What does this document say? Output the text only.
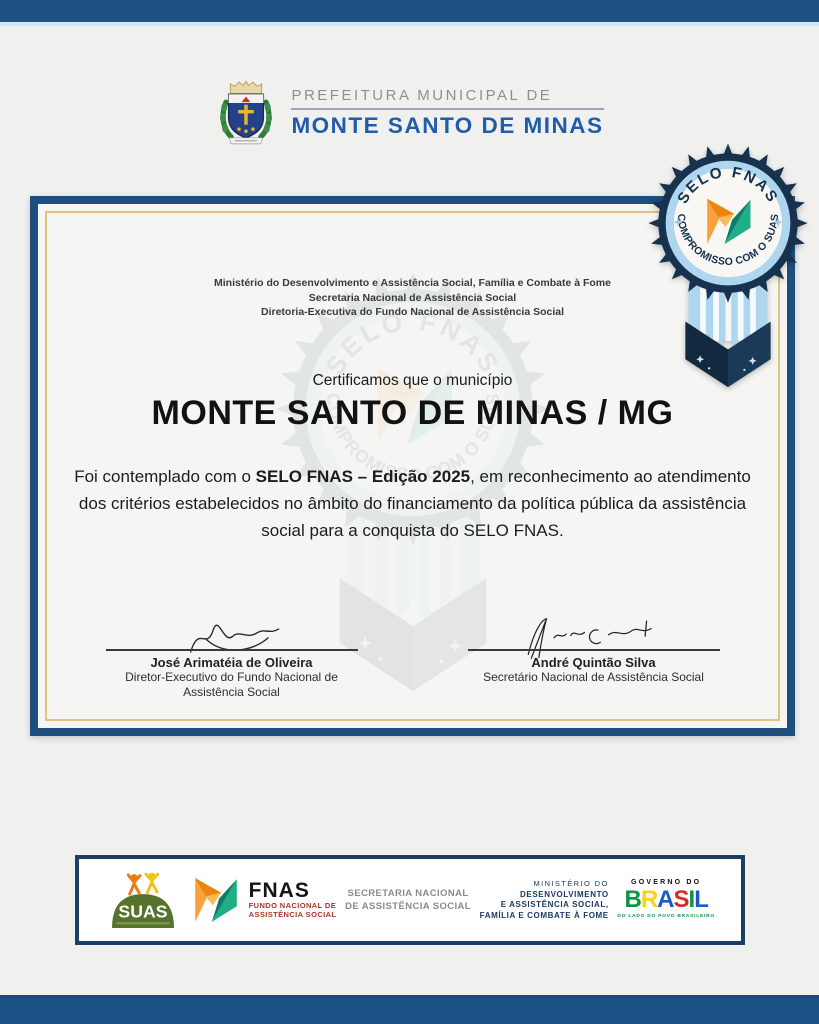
PREFEITURA MUNICIPAL DE
MONTE SANTO DE MINAS
Ministério do Desenvolvimento e Assistência Social, Família e Combate à Fome
Secretaria Nacional de Assistência Social
Diretoria-Executiva do Fundo Nacional de Assistência Social
Certificamos que o município
MONTE SANTO DE MINAS / MG
Foi contemplado com o SELO FNAS – Edição 2025, em reconhecimento ao atendimento dos critérios estabelecidos no âmbito do financiamento da política pública da assistência social para a conquista do SELO FNAS.
José Arimatéia de Oliveira
Diretor-Executivo do Fundo Nacional de Assistência Social
André Quintão Silva
Secretário Nacional de Assistência Social
SUAS
FNAS
FUNDO NACIONAL DE
ASSISTÊNCIA SOCIAL
SECRETARIA NACIONAL
DE ASSISTÊNCIA SOCIAL
MINISTÉRIO DO
DESENVOLVIMENTO
E ASSISTÊNCIA SOCIAL,
FAMÍLIA E COMBATE À FOME
GOVERNO DO
BRASIL
DO LADO DO POVO BRASILEIRO
